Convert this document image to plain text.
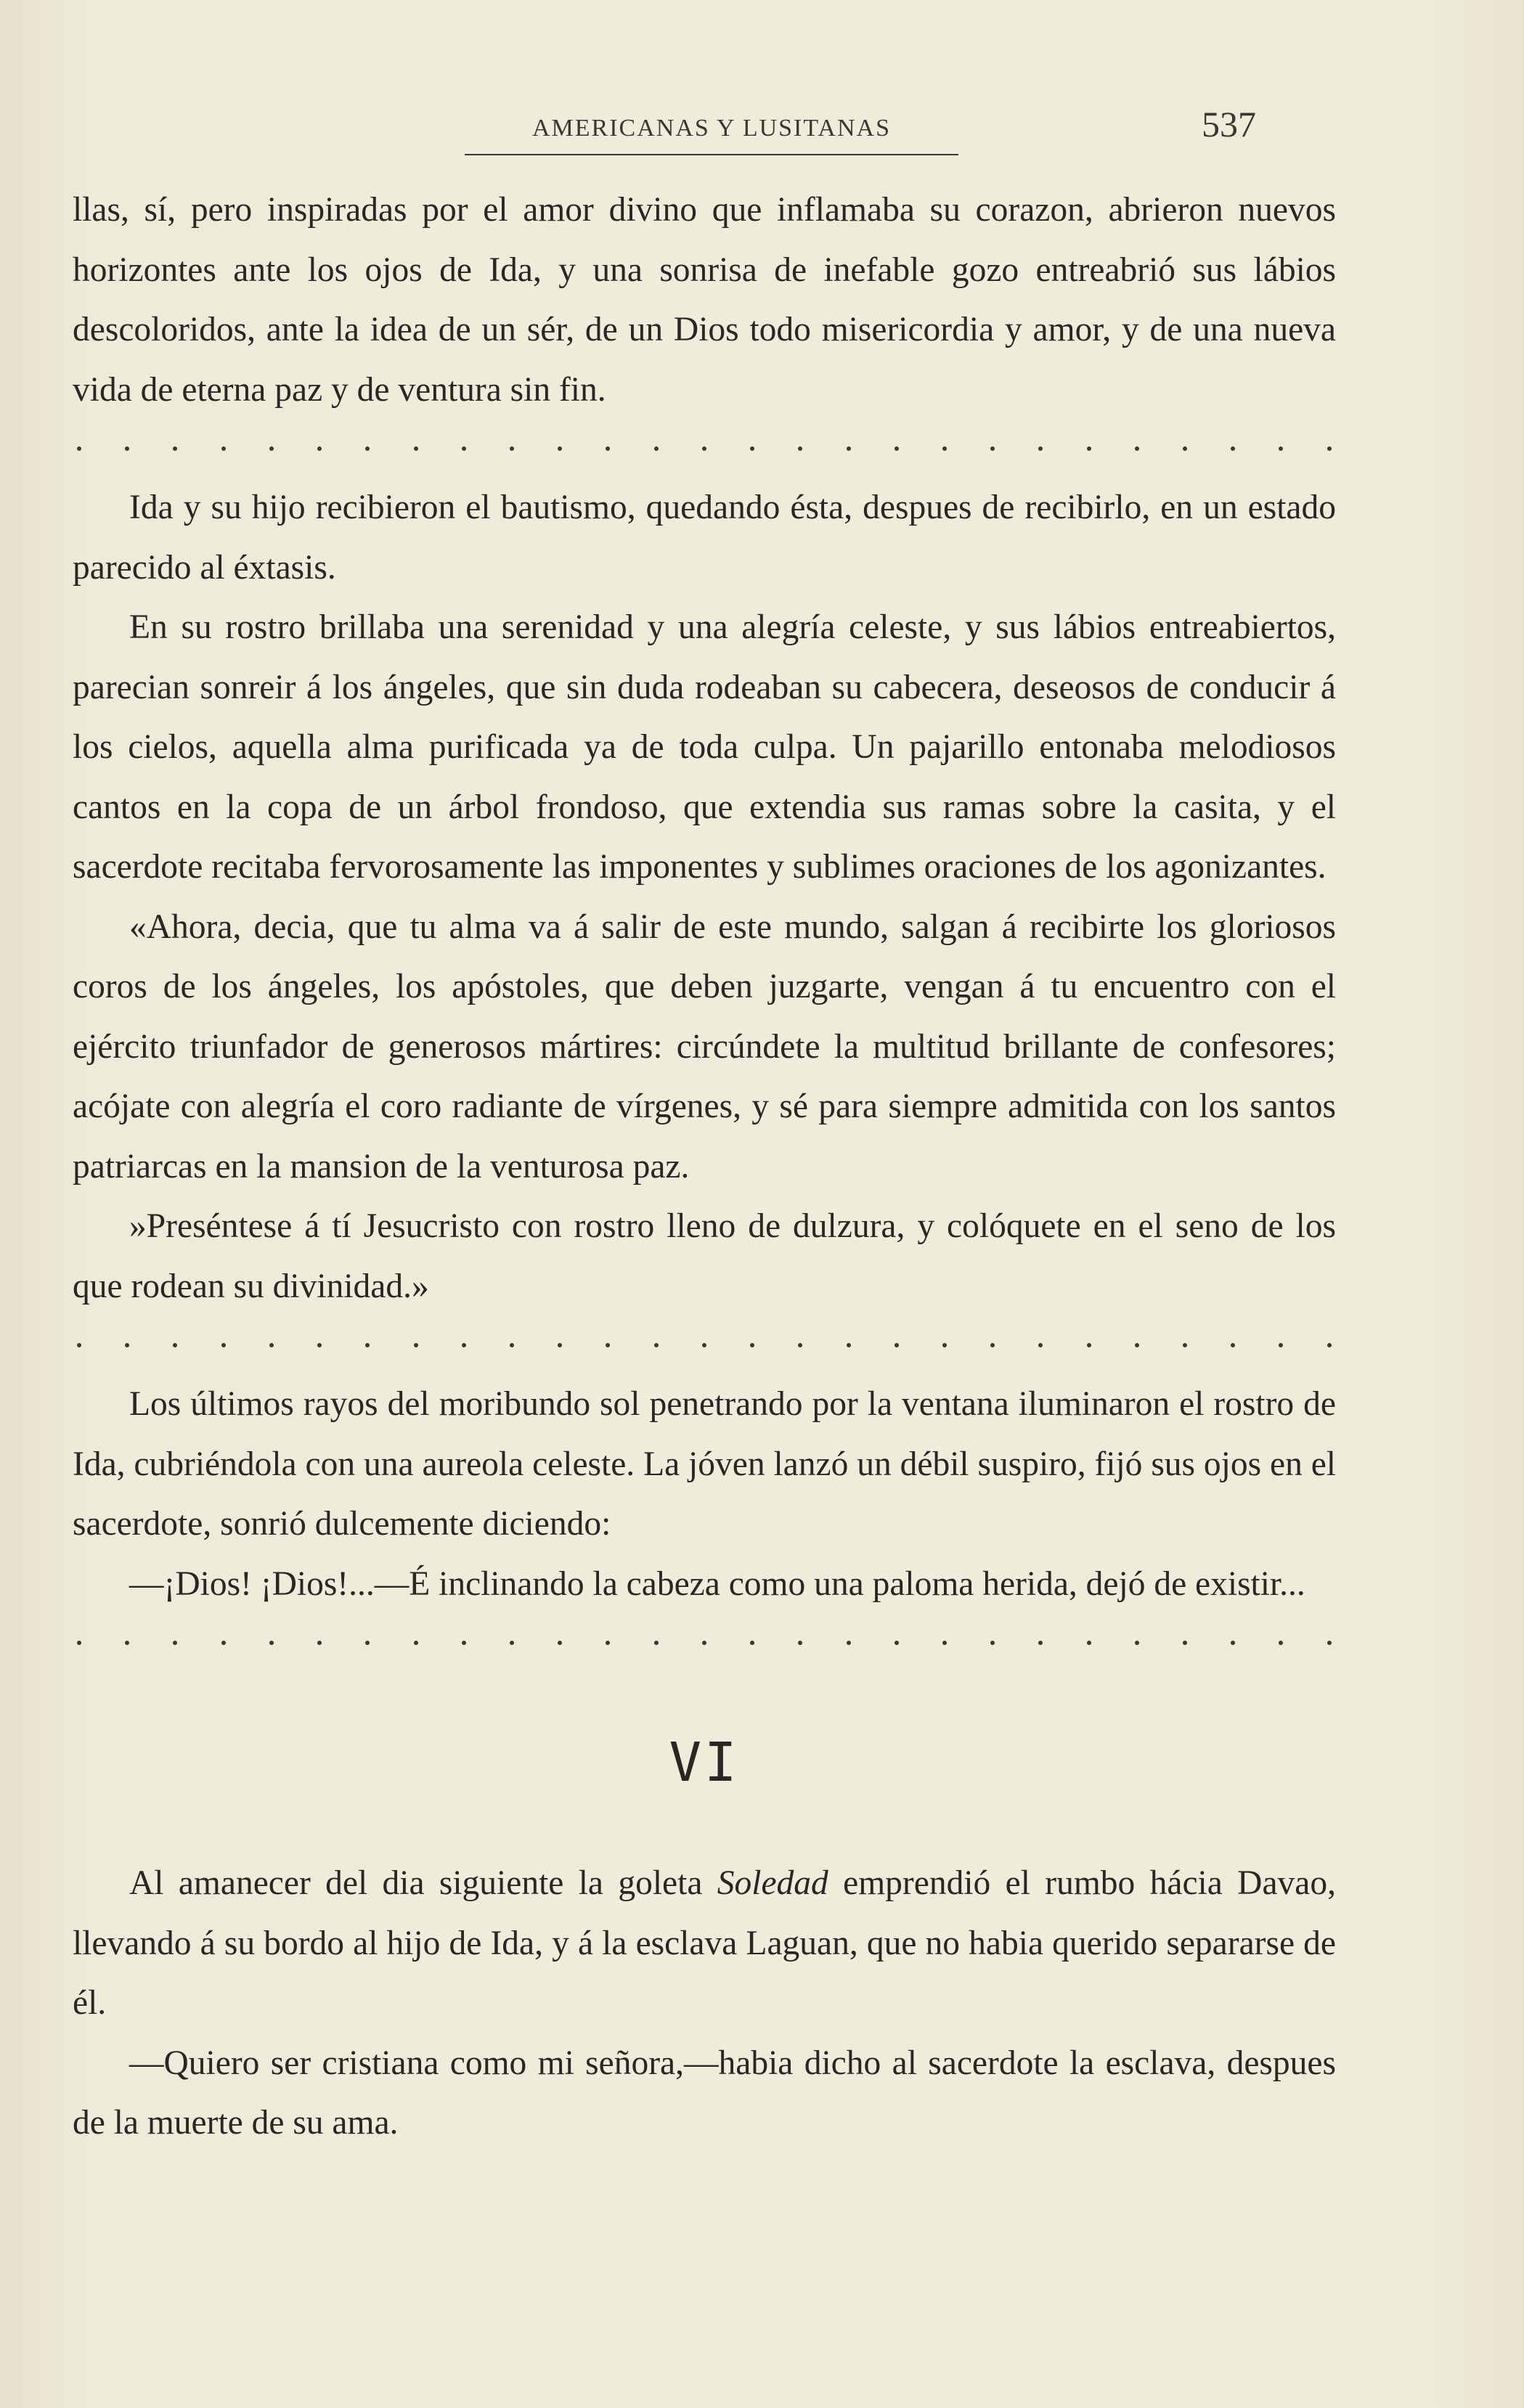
AMERICANAS Y LUSITANAS	537

llas, sí, pero inspiradas por el amor divino que inflamaba su corazon, abrieron nuevos horizontes ante los ojos de Ida, y una sonrisa de inefable gozo entreabrió sus lábios descoloridos, ante la idea de un sér, de un Dios todo misericordia y amor, y de una nueva vida de eterna paz y de ventura sin fin.

Ida y su hijo recibieron el bautismo, quedando ésta, despues de recibirlo, en un estado parecido al éxtasis.

En su rostro brillaba una serenidad y una alegría celeste, y sus lábios entreabiertos, parecian sonreir á los ángeles, que sin duda rodeaban su cabecera, deseosos de conducir á los cielos, aquella alma purificada ya de toda culpa. Un pajarillo entonaba melodiosos cantos en la copa de un árbol frondoso, que extendia sus ramas sobre la casita, y el sacerdote recitaba fervorosamente las imponentes y sublimes oraciones de los agonizantes.

«Ahora, decia, que tu alma va á salir de este mundo, salgan á recibirte los gloriosos coros de los ángeles, los apóstoles, que deben juzgarte, vengan á tu encuentro con el ejército triunfador de generosos mártires: circúndete la multitud brillante de confesores; acójate con alegría el coro radiante de vírgenes, y sé para siempre admitida con los santos patriarcas en la mansion de la venturosa paz.

»Preséntese á tí Jesucristo con rostro lleno de dulzura, y colóquete en el seno de los que rodean su divinidad.»

Los últimos rayos del moribundo sol penetrando por la ventana iluminaron el rostro de Ida, cubriéndola con una aureola celeste. La jóven lanzó un débil suspiro, fijó sus ojos en el sacerdote, sonrió dulcemente diciendo:

—¡Dios! ¡Dios!...—É inclinando la cabeza como una paloma herida, dejó de existir...

VI

Al amanecer del dia siguiente la goleta Soledad emprendió el rumbo hácia Davao, llevando á su bordo al hijo de Ida, y á la esclava Laguan, que no habia querido separarse de él.

—Quiero ser cristiana como mi señora,—habia dicho al sacerdote la esclava, despues de la muerte de su ama.
